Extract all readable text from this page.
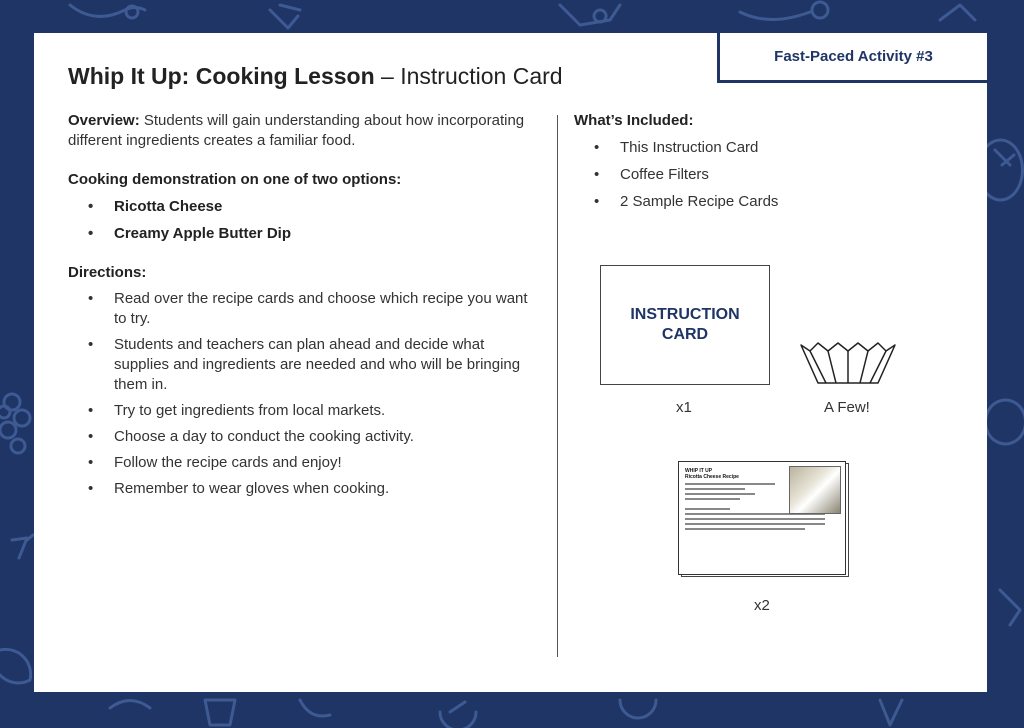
Fast-Paced Activity #3
Whip It Up: Cooking Lesson – Instruction Card

Overview: Students will gain understanding about how incorporating different ingredients creates a familiar food.

Cooking demonstration on one of two options:

• Ricotta Cheese
• Creamy Apple Butter Dip

Directions:

• Read over the recipe cards and choose which recipe you want to try.
• Students and teachers can plan ahead and decide what supplies and ingredients are needed and who will be bringing them in.
• Try to get ingredients from local markets.
• Choose a day to conduct the cooking activity.
• Follow the recipe cards and enjoy!
• Remember to wear gloves when cooking.

What’s Included:

• This Instruction Card
• Coffee Filters
• 2 Sample Recipe Cards
INSTRUCTION CARD
x1	A Few!
WHIP IT UP
Ricotta Cheese Recipe
x2
